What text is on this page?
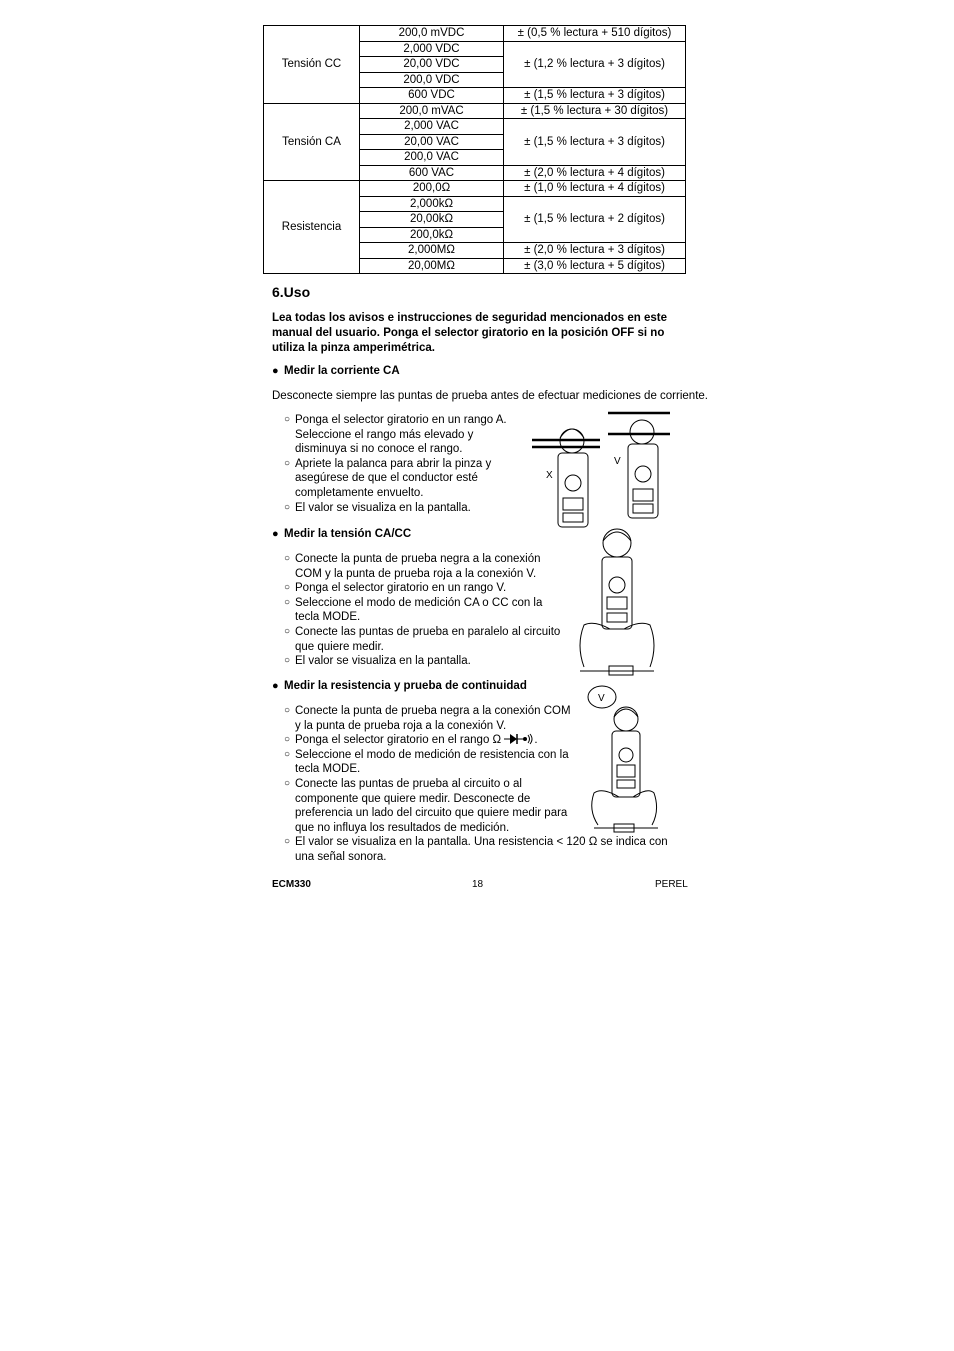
Tensión CC	200,0 mVDC	± (0,5 % lectura + 510 dígitos)
	2,000 VDC	± (1,2 % lectura + 3 dígitos)
	20,00 VDC	
	200,0 VDC	
	600 VDC	± (1,5 % lectura + 3 dígitos)
Tensión CA	200,0 mVAC	± (1,5 % lectura + 30 dígitos)
	2,000 VAC	± (1,5 % lectura + 3 dígitos)
	20,00 VAC	
	200,0 VAC	
	600 VAC	± (2,0 % lectura + 4 dígitos)
Resistencia	200,0Ω	± (1,0 % lectura + 4 dígitos)
	2,000kΩ	± (1,5 % lectura + 2 dígitos)
	20,00kΩ	
	200,0kΩ	
	2,000MΩ	± (2,0 % lectura + 3 dígitos)
	20,00MΩ	± (3,0 % lectura + 5 dígitos)
6.Uso
Lea todas los avisos e instrucciones de seguridad mencionados en este manual del usuario. Ponga el selector giratorio en la posición OFF si no utiliza la pinza amperimétrica.
● Medir la corriente CA
Desconecte siempre las puntas de prueba antes de efectuar mediciones de corriente.
○ Ponga el selector giratorio en un rango A. Seleccione el rango más elevado y disminuya si no conoce el rango.
○ Apriete la palanca para abrir la pinza y asegúrese de que el conductor esté completamente envuelto.
○ El valor se visualiza en la pantalla.
X
V
● Medir la tensión CA/CC
○ Conecte la punta de prueba negra a la conexión COM y la punta de prueba roja a la conexión V.
○ Ponga el selector giratorio en un rango V.
○ Seleccione el modo de medición CA o CC con la tecla MODE.
○ Conecte las puntas de prueba en paralelo al circuito que quiere medir.
○ El valor se visualiza en la pantalla.
● Medir la resistencia y prueba de continuidad
○ Conecte la punta de prueba negra a la conexión COM y la punta de prueba roja a la conexión V.
○ Ponga el selector giratorio en el rango Ω	.
○ Seleccione el modo de medición de resistencia con la tecla MODE.
○ Conecte las puntas de prueba al circuito o al componente que quiere medir. Desconecte de preferencia un lado del circuito que quiere medir para que no influya los resultados de medición.
○ El valor se visualiza en la pantalla. Una resistencia < 120 Ω se indica con una señal sonora.
V
ECM330	18	PEREL
